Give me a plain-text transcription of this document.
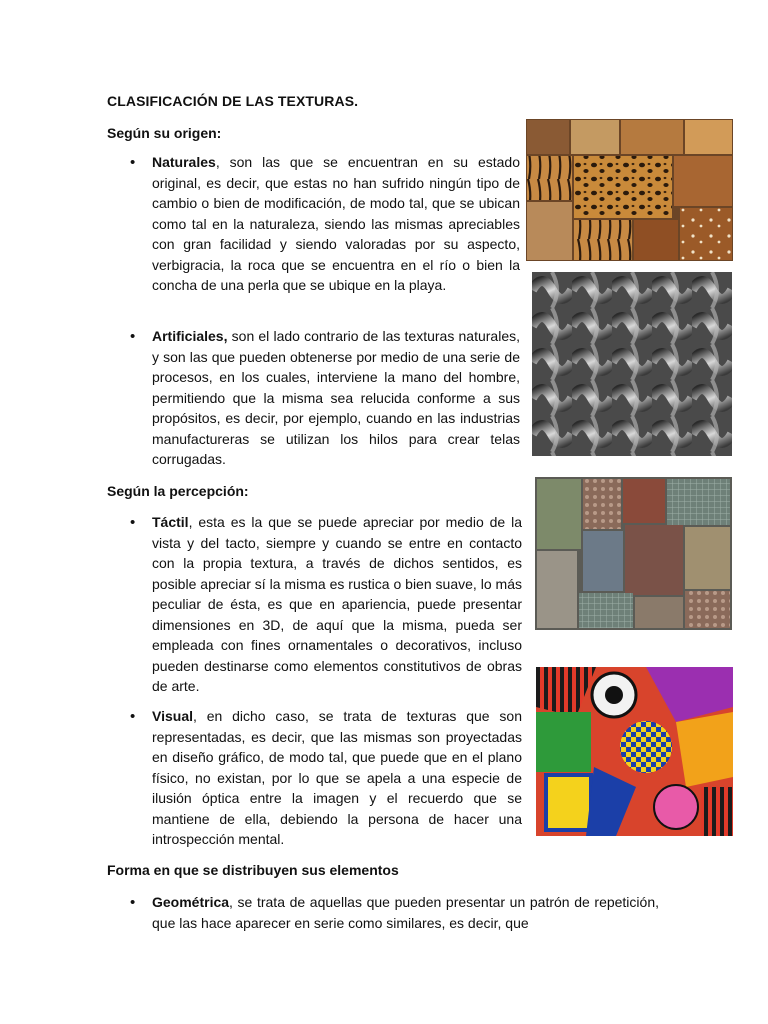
CLASIFICACIÓN DE LAS TEXTURAS.
Según su origen:
• Naturales, son las que se encuentran en su estado original, es decir, que estas no han sufrido ningún tipo de cambio o bien de modificación, de modo tal, que se ubican como tal en la naturaleza, siendo las mismas apreciables con gran facilidad y siendo valoradas por su aspecto, verbigracia, la roca que se encuentra en el río o bien la concha de una perla que se ubique en la playa.
• Artificiales, son el lado contrario de las texturas naturales, y son las que pueden obtenerse por medio de una serie de procesos, en los cuales, interviene la mano del hombre, permitiendo que la misma sea relucida conforme a sus propósitos, es decir, por ejemplo, cuando en las industrias manufactureras se utilizan los hilos para crear telas corrugadas.
Según la percepción:
• Táctil, esta es la que se puede apreciar por medio de la vista y del tacto, siempre y cuando se entre en contacto con la propia textura, a través de dichos sentidos, es posible apreciar sí la misma es rustica o bien suave, lo más peculiar de ésta, es que en apariencia, puede presentar dimensiones en 3D, de aquí que la misma, pueda ser empleada con fines ornamentales o decorativos, incluso pueden destinarse como elementos constitutivos de obras de arte.
• Visual, en dicho caso, se trata de texturas que son representadas, es decir, que las mismas son proyectadas en diseño gráfico, de modo tal, que puede que en el plano físico, no existan, por lo que se apela a una especie de ilusión óptica entre la imagen y el recuerdo que se mantiene de ella, debiendo la persona de hacer una introspección mental.
Forma en que se distribuyen sus elementos
• Geométrica, se trata de aquellas que pueden presentar un patrón de repetición, que las hace aparecer en serie como similares, es decir, que
